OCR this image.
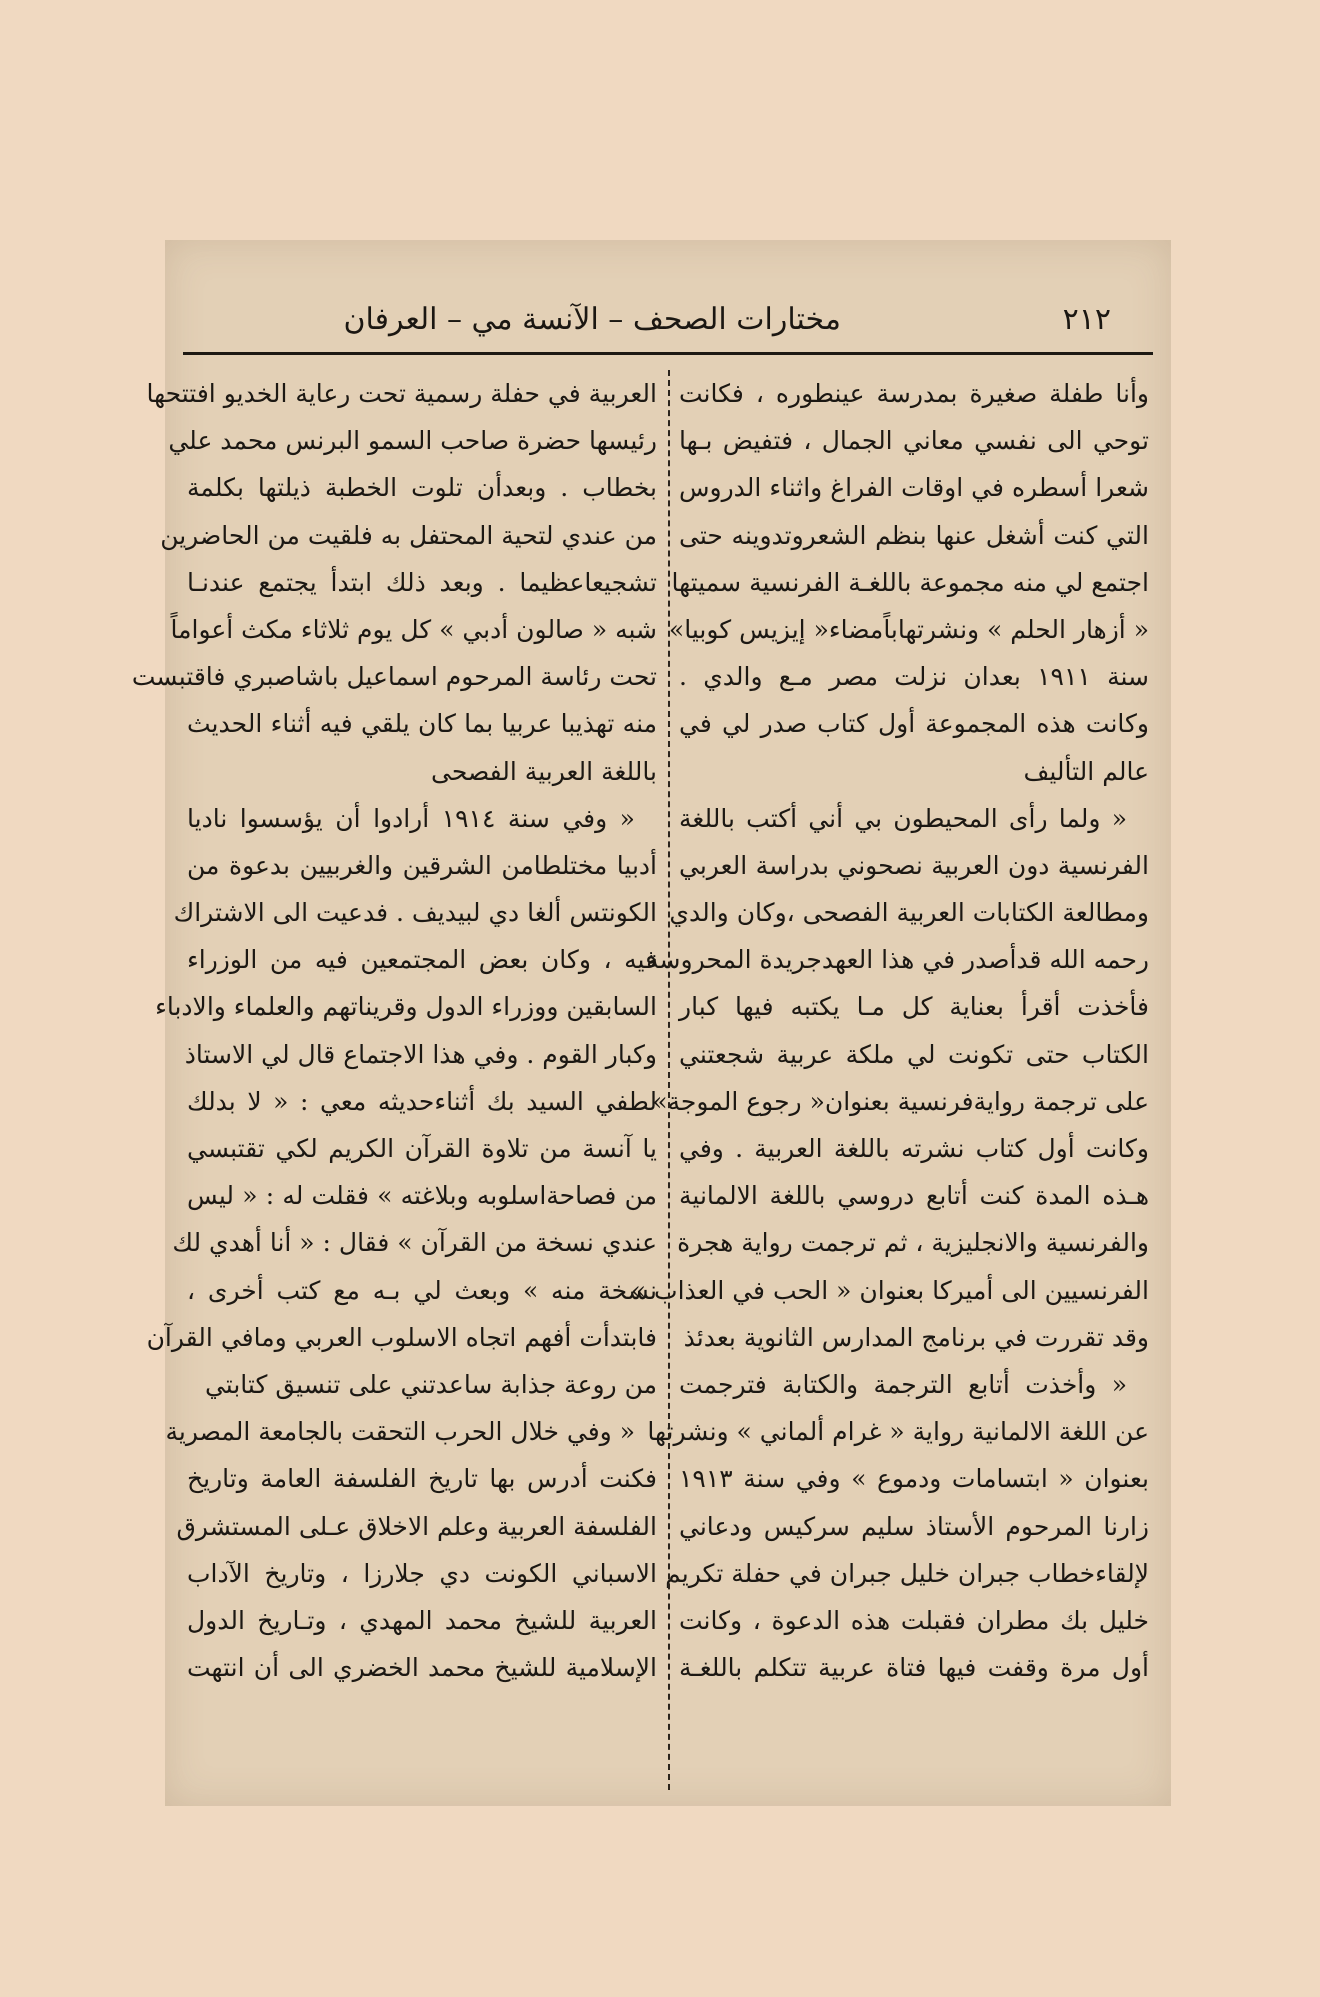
٢١٢
مختارات الصحف – الآنسة مي – العرفان
وأنا طفلة صغيرة بمدرسة عينطوره ، فكانت
توحي الى نفسي معاني الجمال ، فتفيض بـها
شعرا أسطره في اوقات الفراغ واثناء الدروس
التي كنت أشغل عنها بنظم الشعروتدوينه حتى
اجتمع لي منه مجموعة باللغـة الفرنسية سميتها
« أزهار الحلم » ونشرتهاباًمضاء« إيزيس كوبيا»
سنة ١٩١١ بعدان نزلت مصر مـع والدي .
وكانت هذه المجموعة أول كتاب صدر لي في
عالم التأليف
« ولما رأى المحيطون بي أني أكتب باللغة
الفرنسية دون العربية نصحوني بدراسة العربي
ومطالعة الكتابات العربية الفصحى ،وكان والدي
رحمه الله قدأصدر في هذا العهدجريدة المحروسة
فأخذت أقرأ بعناية كل مـا يكتبه فيها كبار
الكتاب حتى تكونت لي ملكة عربية شجعتني
على ترجمة روايةفرنسية بعنوان« رجوع الموجة»
وكانت أول كتاب نشرته باللغة العربية . وفي
هـذه المدة كنت أتابع دروسي باللغة الالمانية
والفرنسية والانجليزية ، ثم ترجمت رواية هجرة
الفرنسيين الى أميركا بعنوان « الحب في العذاب »
وقد تقررت في برنامج المدارس الثانوية بعدئذ
« وأخذت أتابع الترجمة والكتابة فترجمت
عن اللغة الالمانية رواية « غرام ألماني » ونشرتها
بعنوان « ابتسامات ودموع » وفي سنة ١٩١٣
زارنا المرحوم الأستاذ سليم سركيس ودعاني
لإلقاءخطاب جبران خليل جبران في حفلة تكريم
خليل بك مطران فقبلت هذه الدعوة ، وكانت
أول مرة وقفت فيها فتاة عربية تتكلم باللغـة
العربية في حفلة رسمية تحت رعاية الخديو افتتحها
رئيسها حضرة صاحب السمو البرنس محمد علي
بخطاب . وبعدأن تلوت الخطبة ذيلتها بكلمة
من عندي لتحية المحتفل به فلقيت من الحاضرين
تشجيعاعظيما . وبعد ذلك ابتدأ يجتمع عندنـا
شبه « صالون أدبي » كل يوم ثلاثاء مكث أعواماً
تحت رئاسة المرحوم اسماعيل باشاصبري فاقتبست
منه تهذيبا عربيا بما كان يلقي فيه أثناء الحديث
باللغة العربية الفصحى
« وفي سنة ١٩١٤ أرادوا أن يؤسسوا ناديا
أدبيا مختلطامن الشرقين والغربيين بدعوة من
الكونتس ألغا دي لبيديف . فدعيت الى الاشتراك
فيه ، وكان بعض المجتمعين فيه من الوزراء
السابقين ووزراء الدول وقريناتهم والعلماء والادباء
وكبار القوم . وفي هذا الاجتماع قال لي الاستاذ
لطفي السيد بك أثناءحديثه معي : « لا بدلك
يا آنسة من تلاوة القرآن الكريم لكي تقتبسي
من فصاحةاسلوبه وبلاغته » فقلت له : « ليس
عندي نسخة من القرآن » فقال : « أنا أهدي لك
نسخة منه » وبعث لي بـه مع كتب أخرى ،
فابتدأت أفهم اتجاه الاسلوب العربي ومافي القرآن
من روعة جذابة ساعدتني على تنسيق كتابتي
« وفي خلال الحرب التحقت بالجامعة المصرية
فكنت أدرس بها تاريخ الفلسفة العامة وتاريخ
الفلسفة العربية وعلم الاخلاق عـلى المستشرق
الاسباني الكونت دي جلارزا ، وتاريخ الآداب
العربية للشيخ محمد المهدي ، وتـاريخ الدول
الإسلامية للشيخ محمد الخضري الى أن انتهت
